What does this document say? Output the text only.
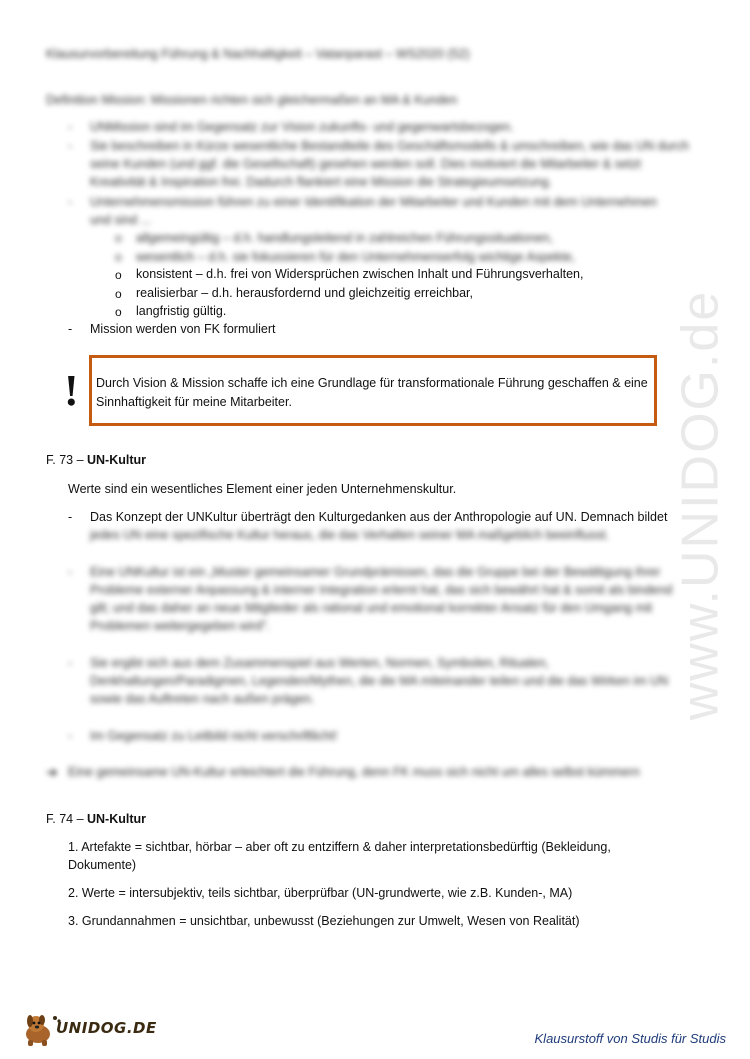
www.UNIDOG.de
Klausurvorbereitung Führung & Nachhaltigkeit – Vatanparast – WS2020 (52)
Definition Mission: Missionen richten sich gleichermaßen an MA & Kunden
-	UNMission sind im Gegensatz zur Vision zukunfts- und gegenwartsbezogen.
-	Sie beschreiben in Kürze wesentliche Bestandteile des Geschäftsmodells & umschreiben, wie das UN durch
seine Kunden (und ggf. die Gesellschaft) gesehen werden soll. Dies motiviert die Mitarbeiter & setzt
Kreativität & Inspiration frei. Dadurch flankiert eine Mission die Strategieumsetzung.
-	Unternehmensmission führen zu einer Identifikation der Mitarbeiter und Kunden mit dem Unternehmen
und sind ...
o	allgemeingültig – d.h. handlungsleitend in zahlreichen Führungssituationen,
o	wesentlich – d.h. sie fokussieren für den Unternehmenserfolg wichtige Aspekte,
o	konsistent – d.h. frei von Widersprüchen zwischen Inhalt und Führungsverhalten,
o	realisierbar – d.h. herausfordernd und gleichzeitig erreichbar,
o	langfristig gültig.
-	Mission werden von FK formuliert
! Durch Vision & Mission schaffe ich eine Grundlage für transformationale Führung geschaffen & eine
Sinnhaftigkeit für meine Mitarbeiter.
F. 73 – UN-Kultur
Werte sind ein wesentliches Element einer jeden Unternehmenskultur.
-	Das Konzept der UNKultur überträgt den Kulturgedanken aus der Anthropologie auf UN. Demnach bildet
jedes UN eine spezifische Kultur heraus, die das Verhalten seiner MA maßgeblich beeinflusst.
-	Eine UNKultur ist ein „Muster gemeinsamer Grundprämissen, das die Gruppe bei der Bewältigung ihrer
Probleme externer Anpassung & interner Integration erlernt hat, das sich bewährt hat & somit als bindend
gilt; und das daher an neue Mitglieder als rational und emotional korrekter Ansatz für den Umgang mit
Problemen weitergegeben wird".
-	Sie ergibt sich aus dem Zusammenspiel aus Werten, Normen, Symbolen, Ritualen,
Denkhaltungen/Paradigmen, Legenden/Mythen, die die MA miteinander teilen und die das Wirken im UN
sowie das Auftreten nach außen prägen.
-	Im Gegensatz zu Leitbild nicht verschriftlicht!
➜ Eine gemeinsame UN-Kultur erleichtert die Führung, denn FK muss sich nicht um alles selbst kümmern
F. 74 – UN-Kultur
1. Artefakte = sichtbar, hörbar – aber oft zu entziffern & daher interpretationsbedürftig (Bekleidung,
Dokumente)
2. Werte = intersubjektiv, teils sichtbar, überprüfbar (UN-grundwerte, wie z.B. Kunden-, MA)
3. Grundannahmen = unsichtbar, unbewusst (Beziehungen zur Umwelt, Wesen von Realität)
UNIDOG.DE
Klausurstoff von Studis für Studis
